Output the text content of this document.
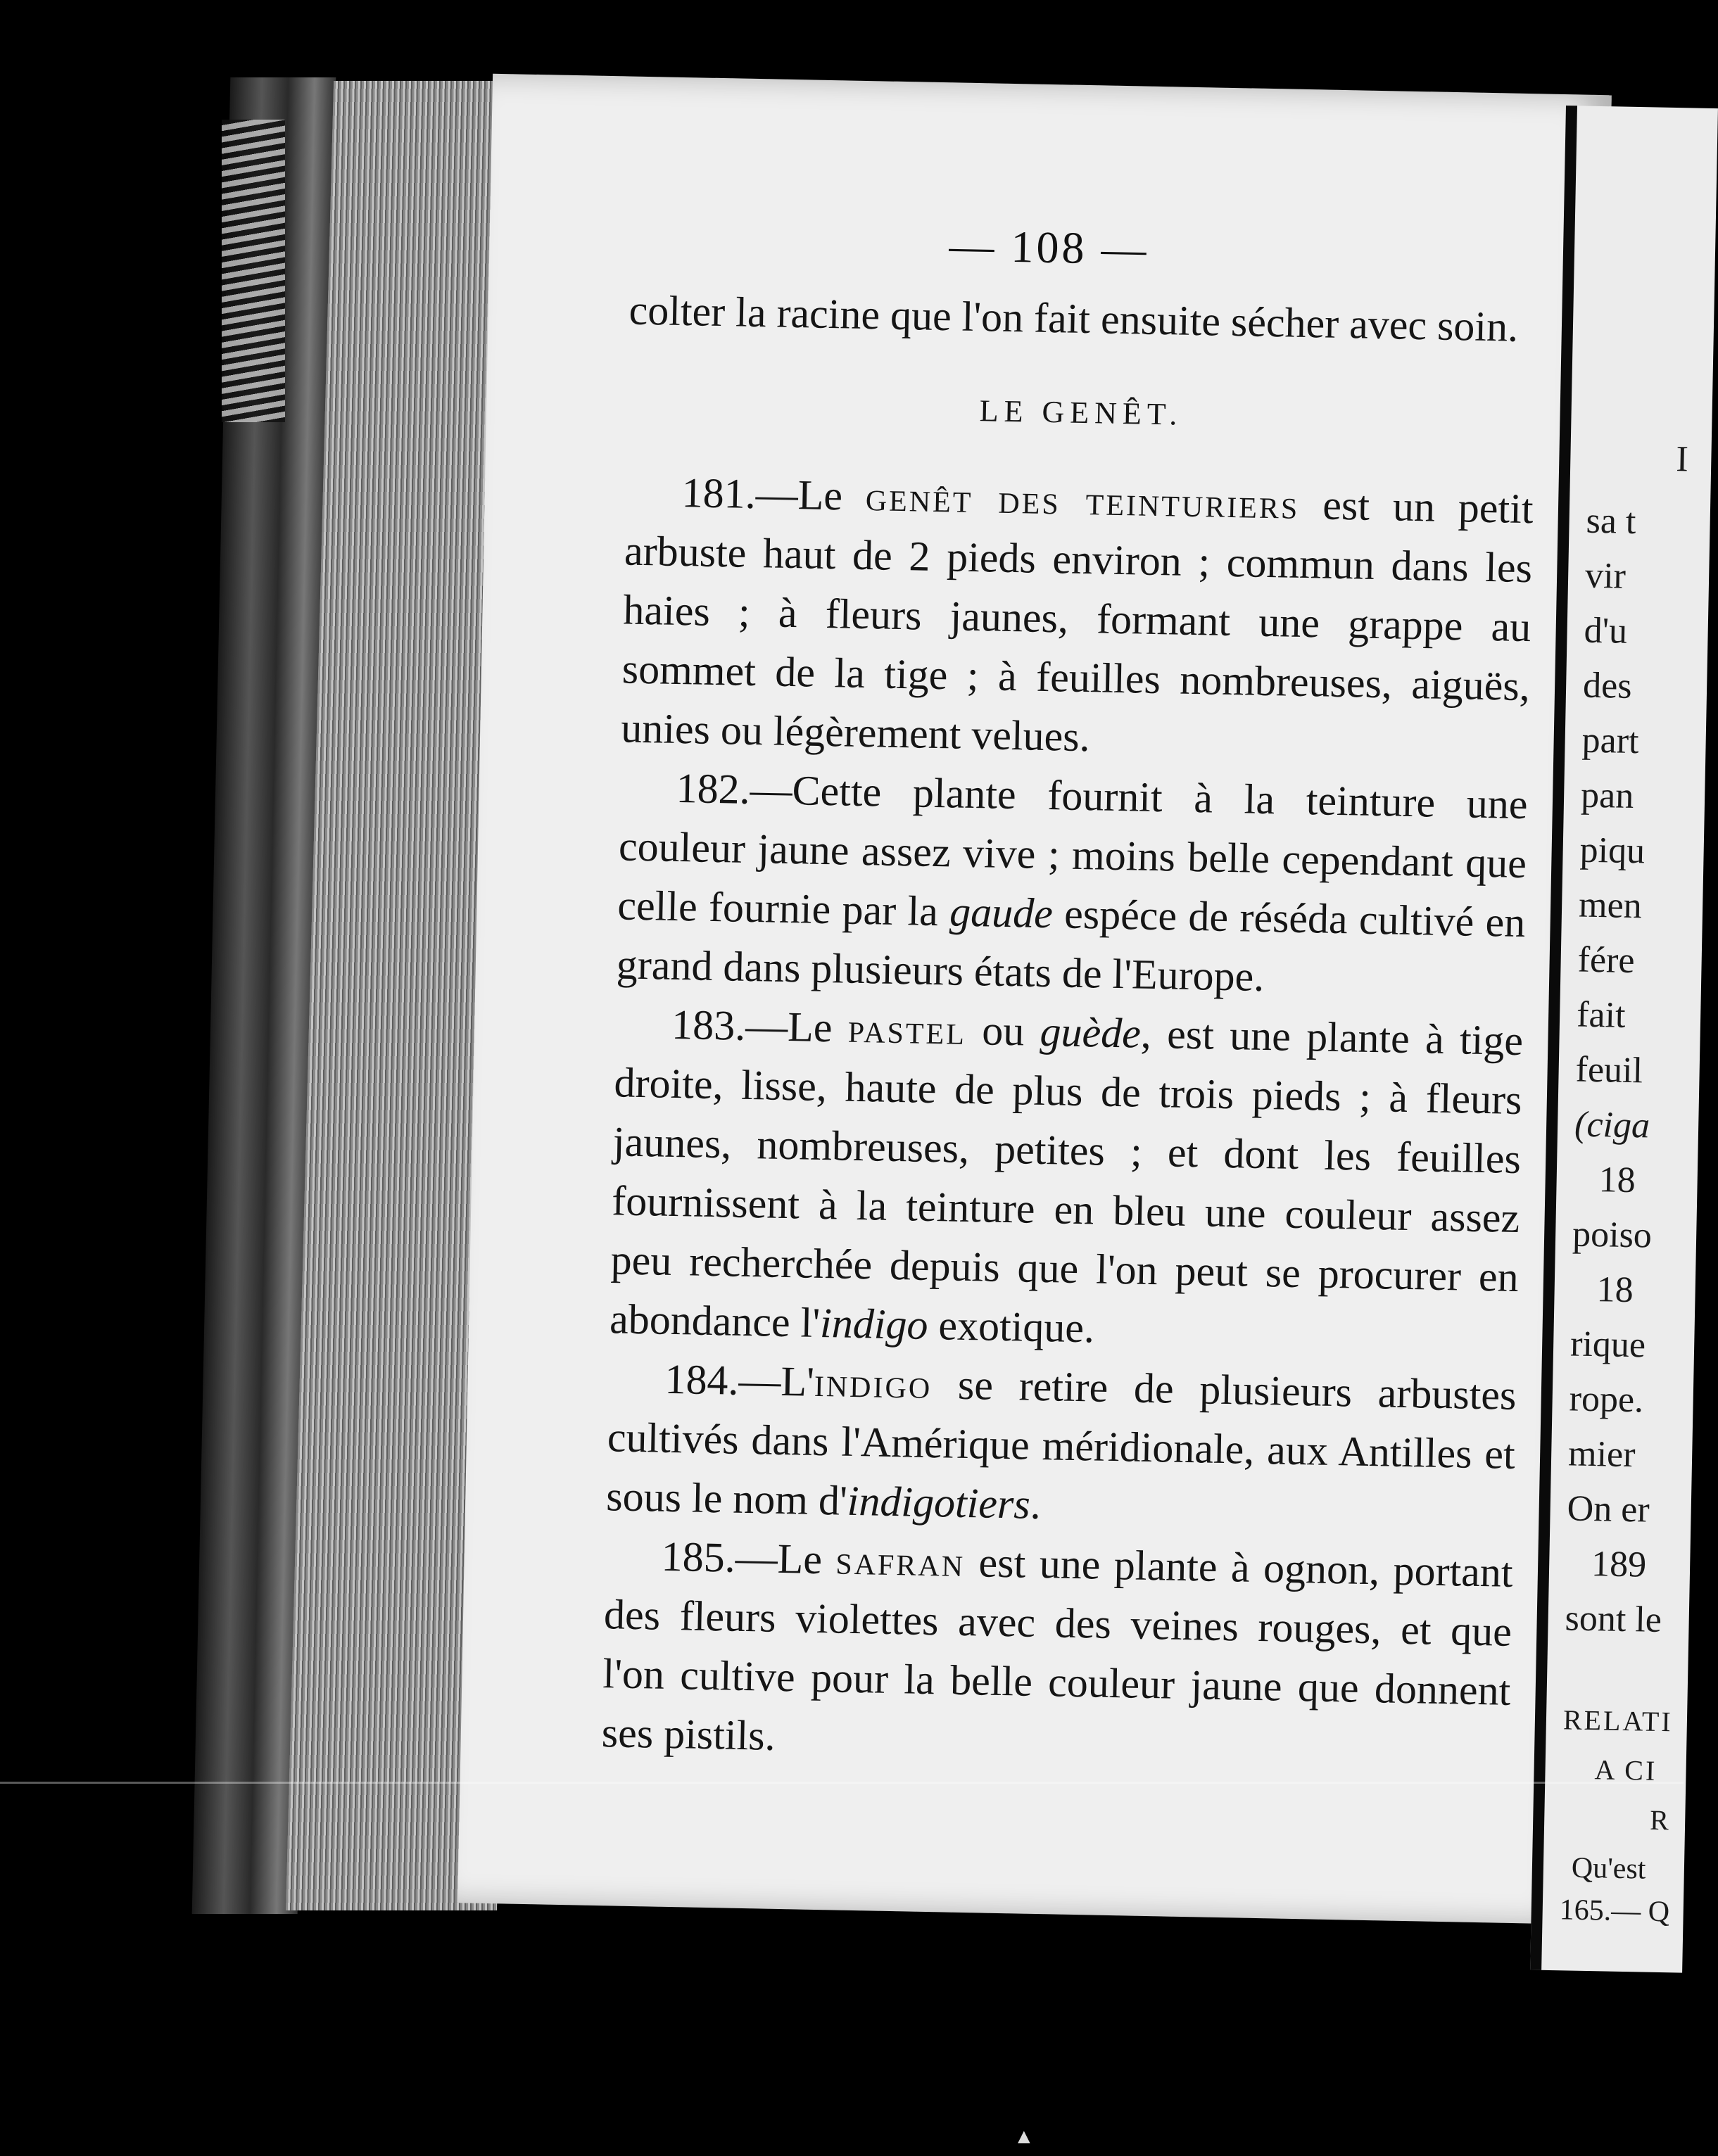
— 108 —

colter la racine que l'on fait ensuite sécher avec soin.

LE GENÊT.

181.—Le genêt des teinturiers est un petit arbuste haut de 2 pieds environ ; commun dans les haies ; à fleurs jaunes, formant une grappe au sommet de la tige ; à feuilles nombreuses, aiguës, unies ou légèrement velues.

182.—Cette plante fournit à la teinture une couleur jaune assez vive ; moins belle cependant que celle fournie par la gaude espéce de réséda cultivé en grand dans plusieurs états de l'Europe.

183.—Le pastel ou guède, est une plante à tige droite, lisse, haute de plus de trois pieds ; à fleurs jaunes, nombreuses, petites ; et dont les feuilles fournissent à la teinture en bleu une couleur assez peu recherchée depuis que l'on peut se procurer en abondance l'indigo exotique.

184.—L'indigo se retire de plusieurs arbustes cultivés dans l'Amérique méridionale, aux Antilles et sous le nom d'indigotiers.

185.—Le safran est une plante à ognon, portant des fleurs violettes avec des veines rouges, et que l'on cultive pour la belle couleur jaune que donnent ses pistils.

I
sa t
vir
d'u
des
part
pan
piqu
men
fére
fait
feuil
(ciga
18
poiso
18
rique
rope.
mier
On er
189
sont le
RELATI
A CI
R
Qu'est
165.— Q
▲
